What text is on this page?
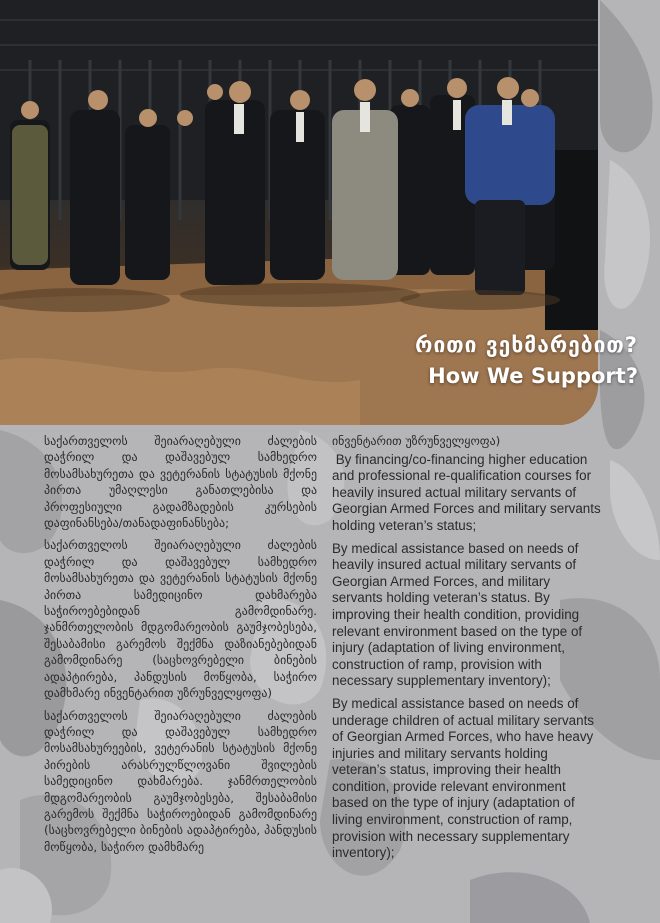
რითი ვეხმარებით?
How We Support?

საქართველოს შეიარაღებული ძალების დაჭრილ და დაშავებულ სამხედრო მოსამსახურეთა და ვეტერანის სტატუსის მქონე პირთა უმაღლესი განათლებისა და პროფესიული გადამზადების კურსების დაფინანსება/თანადაფინანსება;

საქართველოს შეიარაღებული ძალების დაჭრილ და დაშავებულ სამხედრო მოსამსახურეთა და ვეტერანის სტატუსის მქონე პირთა სამედიცინო დახმარება საჭიროებებიდან გამომდინარე. ჯანმრთელობის მდგომარეობის გაუმჯობესება, შესაბამისი გარემოს შექმნა დაზიანებებიდან გამომდინარე (საცხოვრებელი ბინების ადაპტირება, პანდუსის მოწყობა, საჭირო დამხმარე ინვენტარით უზრუნველყოფა)

საქართველოს შეიარაღებული ძალების დაჭრილ და დაშავებულ სამხედრო მოსამსახურეების, ვეტერანის სტატუსის მქონე პირების არასრულწლოვანი შვილების სამედიცინო დახმარება. ჯანმრთელობის მდგომარეობის გაუმჯობესება, შესაბამისი გარემოს შექმნა საჭიროებიდან გამომდინარე (საცხოვრებელი ბინების ადაპტირება, პანდუსის მოწყობა, საჭირო დამხმარე

ინვენტარით უზრუნველყოფა)

By financing/co-financing higher education and professional re-qualification courses for heavily insured actual military servants of Georgian Armed Forces and military servants holding veteran’s status;

By medical assistance based on needs of heavily insured actual military servants of Georgian Armed Forces, and military servants holding veteran’s status. By improving their health condition, providing relevant environment based on the type of injury (adaptation of living environment, construction of ramp, provision with necessary supplementary inventory);

By medical assistance based on needs of underage children of actual military servants of Georgian Armed Forces, who have heavy injuries and military servants holding veteran’s status, improving their health condition, provide relevant environment based on the type of injury (adaptation of living environment, construction of ramp, provision with necessary supplementary inventory);
